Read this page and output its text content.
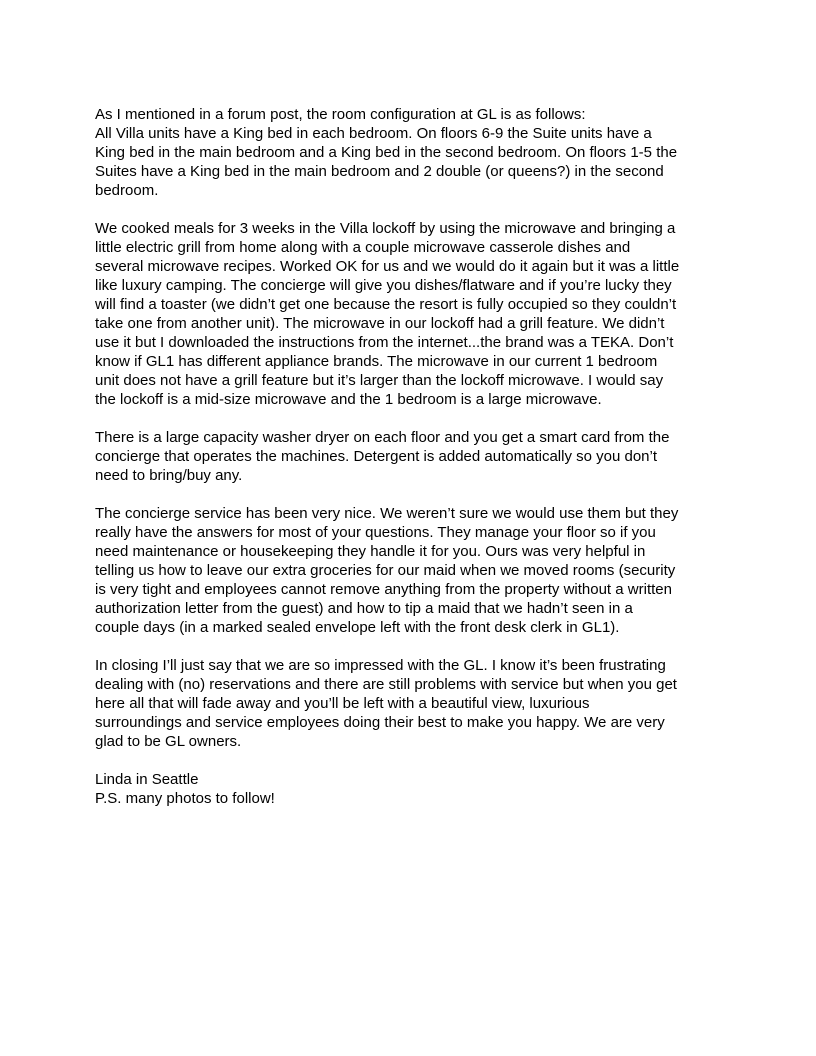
As I mentioned in a forum post, the room configuration at GL is as follows:
All Villa units have a King bed in each bedroom. On floors 6-9 the Suite units have a
King bed in the main bedroom and a King bed in the second bedroom. On floors 1-5 the
Suites have a King bed in the main bedroom and 2 double (or queens?) in the second
bedroom.
We cooked meals for 3 weeks in the Villa lockoff by using the microwave and bringing a
little electric grill from home along with a couple microwave casserole dishes and
several microwave recipes. Worked OK for us and we would do it again but it was a little
like luxury camping. The concierge will give you dishes/flatware and if you’re lucky they
will find a toaster (we didn’t get one because the resort is fully occupied so they couldn’t
take one from another unit). The microwave in our lockoff had a grill feature. We didn’t
use it but I downloaded the instructions from the internet...the brand was a TEKA. Don’t
know if GL1 has different appliance brands. The microwave in our current 1 bedroom
unit does not have a grill feature but it’s larger than the lockoff microwave. I would say
the lockoff is a mid-size microwave and the 1 bedroom is a large microwave.
There is a large capacity washer dryer on each floor and you get a smart card from the
concierge that operates the machines. Detergent is added automatically so you don’t
need to bring/buy any.
The concierge service has been very nice. We weren’t sure we would use them but they
really have the answers for most of your questions. They manage your floor so if you
need maintenance or housekeeping they handle it for you. Ours was very helpful in
telling us how to leave our extra groceries for our maid when we moved rooms (security
is very tight and employees cannot remove anything from the property without a written
authorization letter from the guest) and how to tip a maid that we hadn’t seen in a
couple days (in a marked sealed envelope left with the front desk clerk in GL1).
In closing I’ll just say that we are so impressed with the GL. I know it’s been frustrating
dealing with (no) reservations and there are still problems with service but when you get
here all that will fade away and you’ll be left with a beautiful view, luxurious
surroundings and service employees doing their best to make you happy. We are very
glad to be GL owners.
Linda in Seattle
P.S. many photos to follow!
